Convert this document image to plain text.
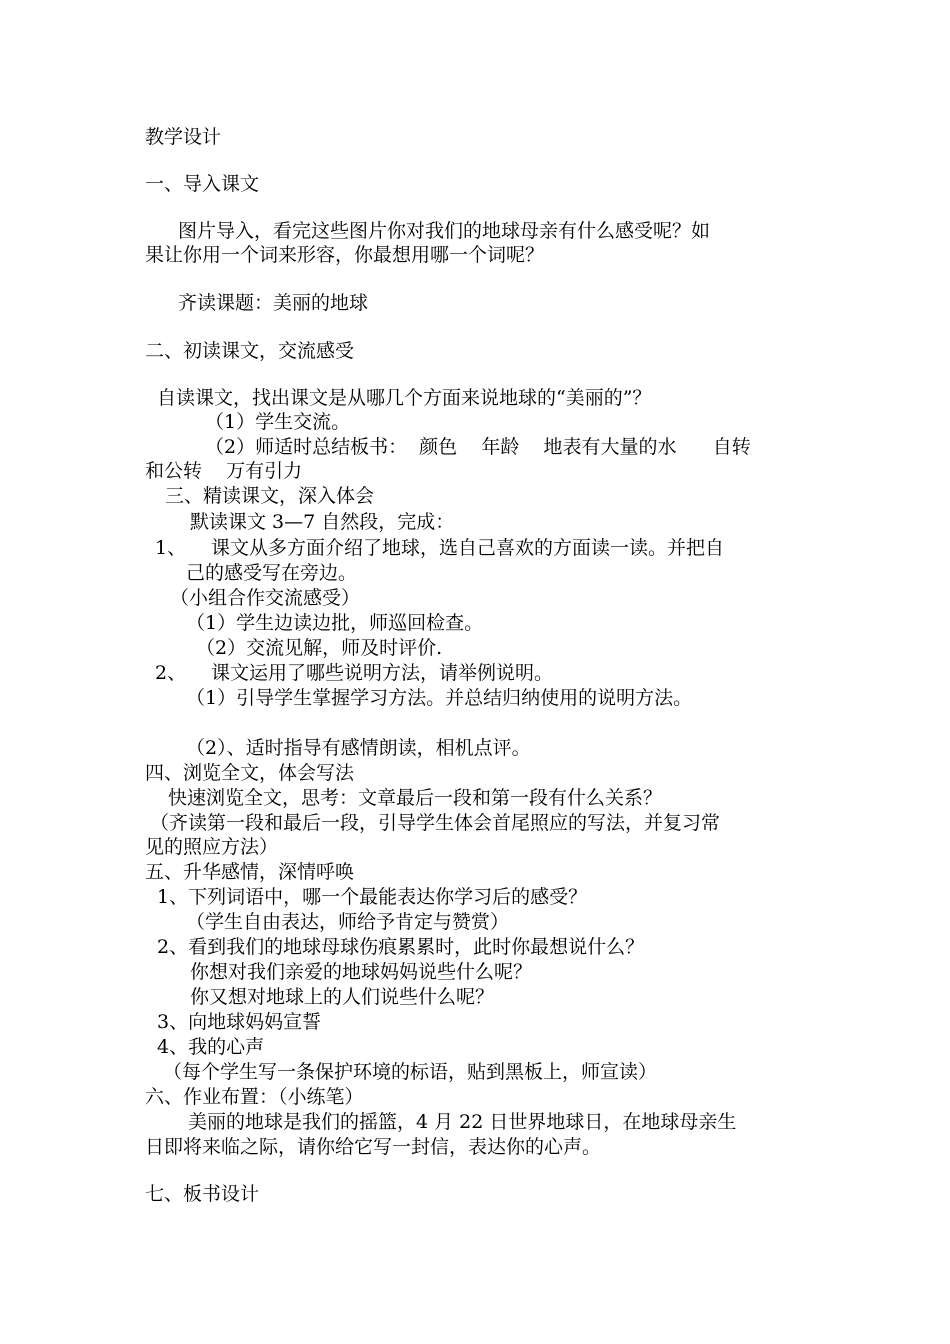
教学设计

一、导入课文

图片导入，看完这些图片你对我们的地球母亲有什么感受呢？如

果让你用一个词来形容，你最想用哪一个词呢？

齐读课题：美丽的地球

二、初读课文，交流感受

自读课文，找出课文是从哪几个方面来说地球的“美丽的”？

（1）学生交流。

（2）师适时总结板书：  颜色    年龄    地表有大量的水      自转

和公转    万有引力

三、精读课文，深入体会

默读课文 3—7 自然段，完成：

1、 课文从多方面介绍了地球，选自己喜欢的方面读一读。并把自

己的感受写在旁边。

（小组合作交流感受）

（1）学生边读边批，师巡回检查。

（2）交流见解，师及时评价.

2、 课文运用了哪些说明方法，请举例说明。

（1）引导学生掌握学习方法。并总结归纳使用的说明方法。

（2）、适时指导有感情朗读，相机点评。

四、浏览全文，体会写法

快速浏览全文，思考：文章最后一段和第一段有什么关系？

（齐读第一段和最后一段，引导学生体会首尾照应的写法，并复习常

见的照应方法）

五、升华感情，深情呼唤

1、下列词语中，哪一个最能表达你学习后的感受？

（学生自由表达，师给予肯定与赞赏）

2、看到我们的地球母球伤痕累累时，此时你最想说什么？

你想对我们亲爱的地球妈妈说些什么呢？

你又想对地球上的人们说些什么呢？

3、向地球妈妈宣誓

4、我的心声

（每个学生写一条保护环境的标语，贴到黑板上，师宣读）

六、作业布置：（小练笔）

美丽的地球是我们的摇篮，4 月 22 日世界地球日，在地球母亲生

日即将来临之际，请你给它写一封信，表达你的心声。

七、板书设计
